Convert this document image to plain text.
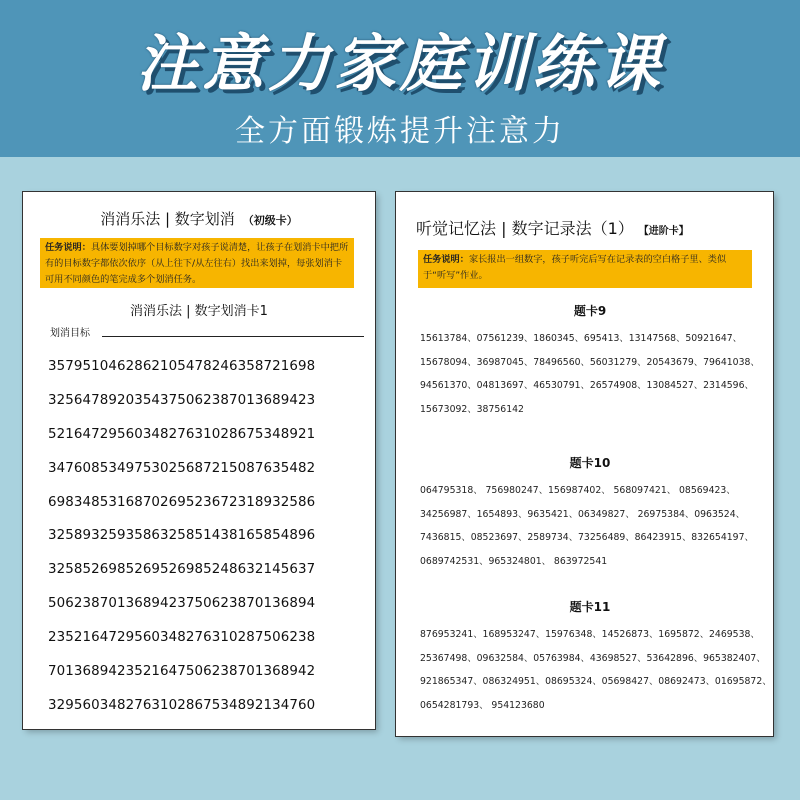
注意力家庭训练课
全方面锻炼提升注意力
消消乐法 | 数字划消 （初级卡）
任务说明：具体要划掉哪个目标数字对孩子说清楚，让孩子在划消卡中把所有的目标数字都依次依序（从上往下/从左往右）找出来划掉，每张划消卡可用不同颜色的笔完成多个划消任务。
消消乐法 | 数字划消卡1
划消目标
3579510462862105478246358721698
3256478920354375062387013689423
5216472956034827631028675348921
3476085349753025687215087635482
6983485316870269523672318932586
3258932593586325851438165854896
3258526985269526985248632145637
5062387013689423750623870136894
2352164729560348276310287506238
7013689423521647506238701368942
3295603482763102867534892134760
听觉记忆法 | 数字记录法（1） 【进阶卡】
任务说明：家长报出一组数字，孩子听完后写在记录表的空白格子里、类似于“听写”作业。
题卡9
15613784、07561239、1860345、695413、13147568、50921647、
15678094、36987045、78496560、56031279、20543679、79641038、
94561370、04813697、46530791、26574908、13084527、2314596、
15673092、38756142
题卡10
064795318、 756980247、156987402、 568097421、 08569423、
34256987、1654893、9635421、06349827、 26975384、0963524、
7436815、08523697、2589734、73256489、86423915、832654197、
0689742531、965324801、 863972541
题卡11
876953241、168953247、15976348、14526873、1695872、2469538、
25367498、09632584、05763984、43698527、53642896、965382407、
921865347、086324951、08695324、05698427、08692473、01695872、
0654281793、 954123680
